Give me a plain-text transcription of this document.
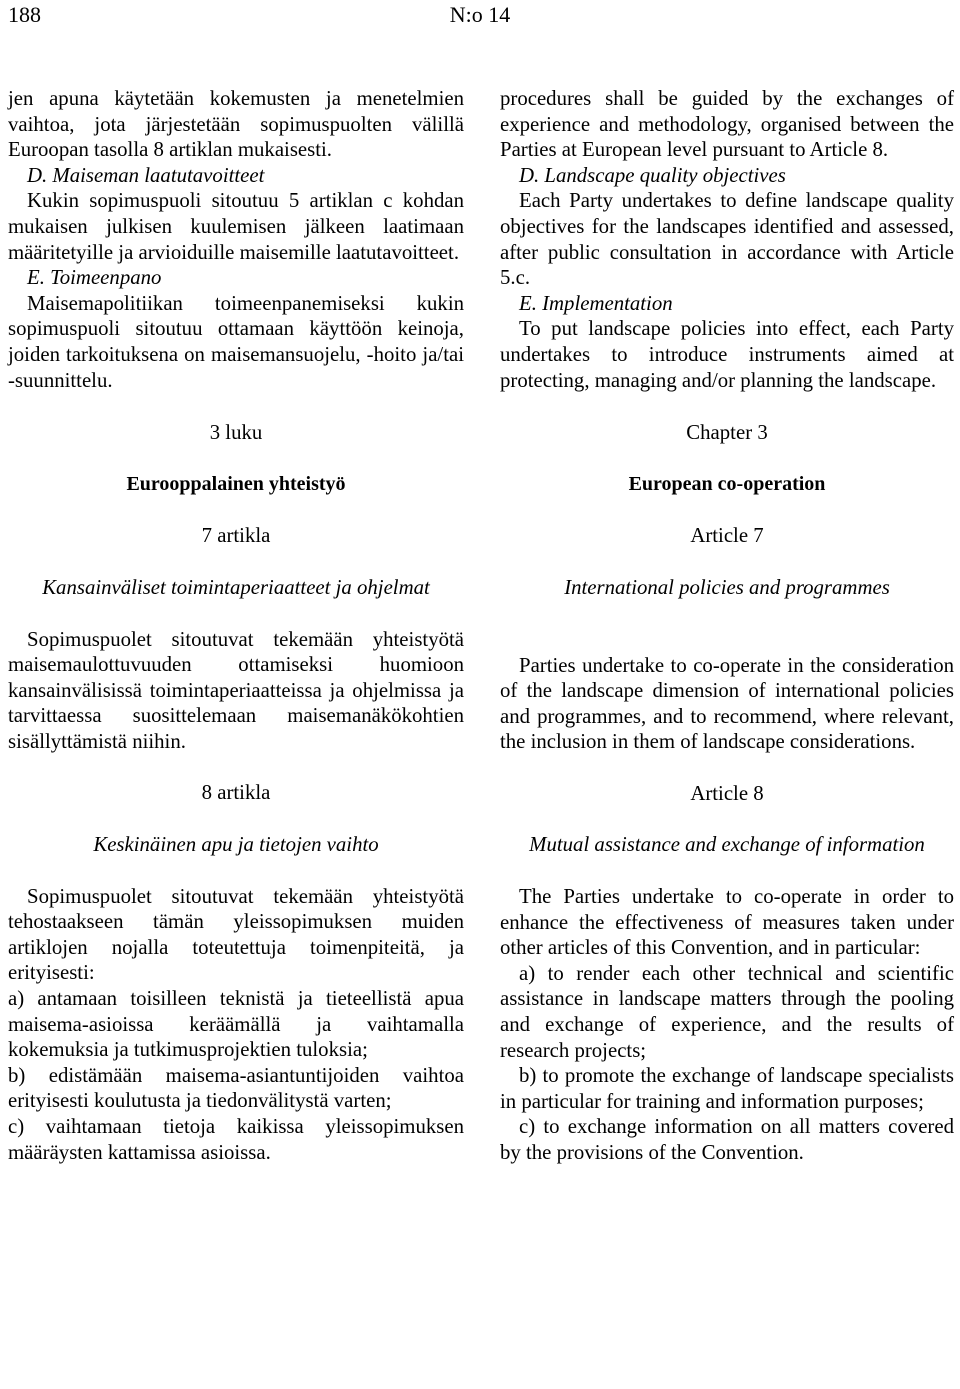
188	N:o 14

jen apuna käytetään kokemusten ja menetelmien vaihtoa, jota järjestetään sopimuspuolten välillä Euroopan tasolla 8 artiklan mukaisesti.

D. Maiseman laatutavoitteet

Kukin sopimuspuoli sitoutuu 5 artiklan c kohdan mukaisen julkisen kuulemisen jälkeen laatimaan määritetyille ja arvioiduille maisemille laatutavoitteet.

E. Toimeenpano

Maisemapolitiikan toimeenpanemiseksi kukin sopimuspuoli sitoutuu ottamaan käyttöön keinoja, joiden tarkoituksena on maisemansuojelu, -hoito ja/tai -suunnittelu.

3 luku

Eurooppalainen yhteistyö

7 artikla

Kansainväliset toimintaperiaatteet ja ohjelmat

Sopimuspuolet sitoutuvat tekemään yhteistyötä maisemaulottuvuuden ottamiseksi huomioon kansainvälisissä toimintaperiaatteissa ja ohjelmissa ja tarvittaessa suosittelemaan maisemanäkökohtien sisällyttämistä niihin.

8 artikla

Keskinäinen apu ja tietojen vaihto

Sopimuspuolet sitoutuvat tekemään yhteistyötä tehostaakseen tämän yleissopimuksen muiden artiklojen nojalla toteutettuja toimenpiteitä, ja erityisesti:

a) antamaan toisilleen teknistä ja tieteellistä apua maisema-asioissa keräämällä ja vaihtamalla kokemuksia ja tutkimusprojektien tuloksia;

b) edistämään maisema-asiantuntijoiden vaihtoa erityisesti koulutusta ja tiedonvälitystä varten;

c) vaihtamaan tietoja kaikissa yleissopimuksen määräysten kattamissa asioissa.

procedures shall be guided by the exchanges of experience and methodology, organised between the Parties at European level pursuant to Article 8.

D. Landscape quality objectives

Each Party undertakes to define landscape quality objectives for the landscapes identified and assessed, after public consultation in accordance with Article 5.c.

E. Implementation

To put landscape policies into effect, each Party undertakes to introduce instruments aimed at protecting, managing and/or planning the landscape.

Chapter 3

European co-operation

Article 7

International policies and programmes

Parties undertake to co-operate in the consideration of the landscape dimension of international policies and programmes, and to recommend, where relevant, the inclusion in them of landscape considerations.

Article 8

Mutual assistance and exchange of information

The Parties undertake to co-operate in order to enhance the effectiveness of measures taken under other articles of this Convention, and in particular:

a) to render each other technical and scientific assistance in landscape matters through the pooling and exchange of experience, and the results of research projects;

b) to promote the exchange of landscape specialists in particular for training and information purposes;

c) to exchange information on all matters covered by the provisions of the Convention.
